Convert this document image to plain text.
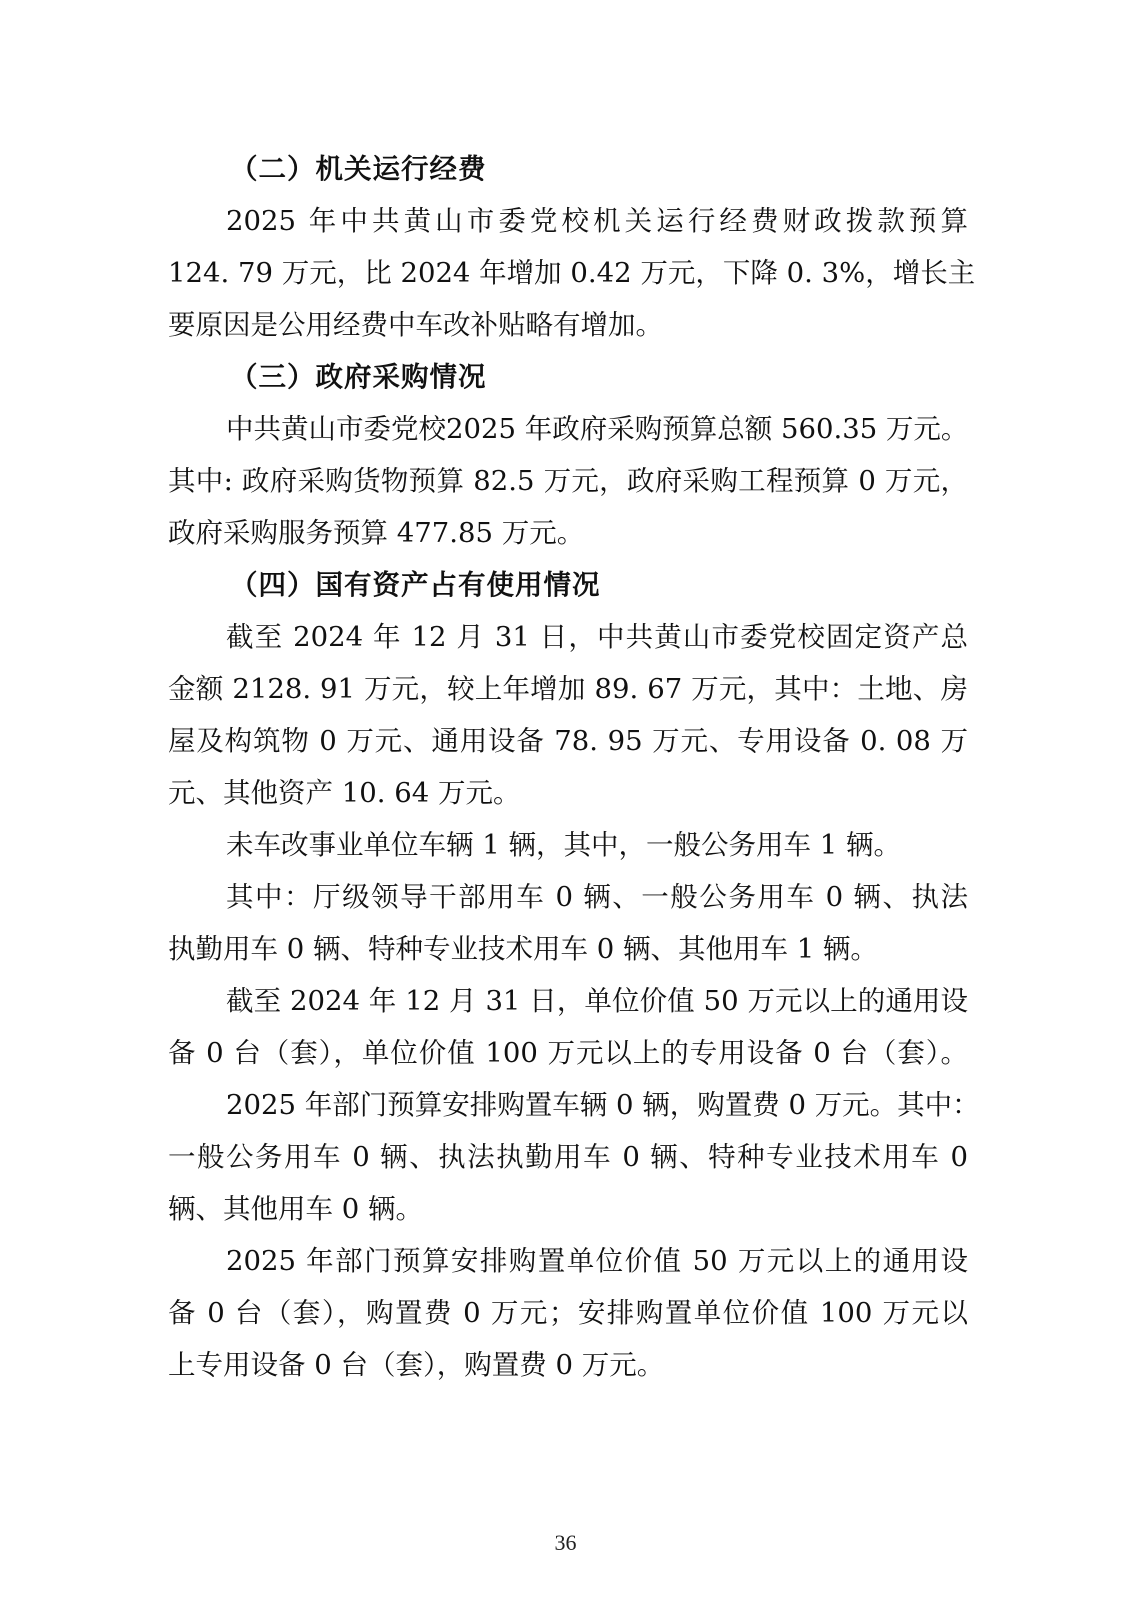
（二）机关运行经费
2025 年中共黄山市委党校机关运行经费财政拨款预算
124. 79 万元，比 2024 年增加 0.42 万元，下降 0. 3%，增长主
要原因是公用经费中车改补贴略有增加。
（三）政府采购情况
中共黄山市委党校2025 年政府采购预算总额 560.35 万元。
其中: 政府采购货物预算 82.5 万元，政府采购工程预算 0 万元，
政府采购服务预算 477.85 万元。
（四）国有资产占有使用情况
截至 2024 年 12 月 31 日，中共黄山市委党校固定资产总
金额 2128. 91 万元，较上年增加 89. 67 万元，其中：土地、房
屋及构筑物 0 万元、通用设备 78. 95 万元、专用设备 0. 08 万
元、其他资产 10. 64 万元。
未车改事业单位车辆 1 辆，其中，一般公务用车 1 辆。
其中：厅级领导干部用车 0 辆、一般公务用车 0 辆、执法
执勤用车 0 辆、特种专业技术用车 0 辆、其他用车 1 辆。
截至 2024 年 12 月 31 日，单位价值 50 万元以上的通用设
备 0 台（套），单位价值 100 万元以上的专用设备 0 台（套）。
2025 年部门预算安排购置车辆 0 辆，购置费 0 万元。其中：
一般公务用车 0 辆、执法执勤用车 0 辆、特种专业技术用车 0
辆、其他用车 0 辆。
2025 年部门预算安排购置单位价值 50 万元以上的通用设
备 0 台（套），购置费 0 万元；安排购置单位价值 100 万元以
上专用设备 0 台（套），购置费 0 万元。
36
